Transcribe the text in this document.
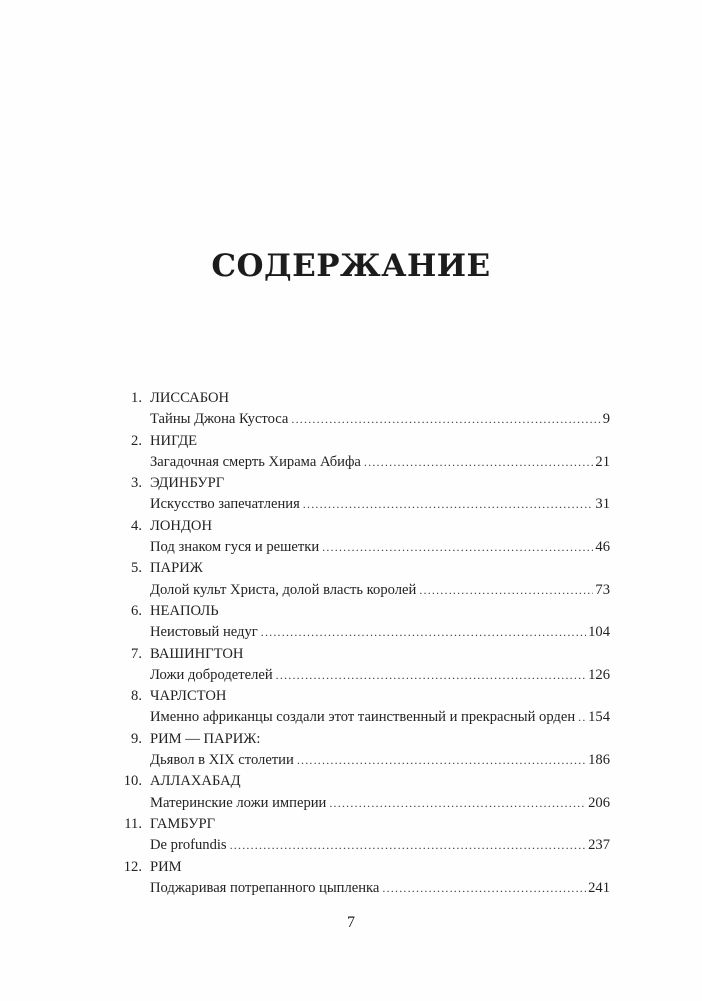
СОДЕРЖАНИЕ
1. ЛИССАБОН
Тайны Джона Кустоса .....	9
2. НИГДЕ
Загадочная смерть Хирама Абифа .....	21
3. ЭДИНБУРГ
Искусство запечатления .....	31
4. ЛОНДОН
Под знаком гуся и решетки .....	46
5. ПАРИЖ
Долой культ Христа, долой власть королей .....	73
6. НЕАПОЛЬ
Неистовый недуг .....	104
7. ВАШИНГТОН
Ложи добродетелей .....	126
8. ЧАРЛСТОН
Именно африканцы создали этот таинственный и прекрасный орден ..... 154
9. РИМ — ПАРИЖ:
Дьявол в XIX столетии .....	186
10. АЛЛАХАБАД
Материнские ложи империи .....	206
11. ГАМБУРГ
De profundis .....	237
12. РИМ
Поджаривая потрепанного цыпленка .....	241
7
